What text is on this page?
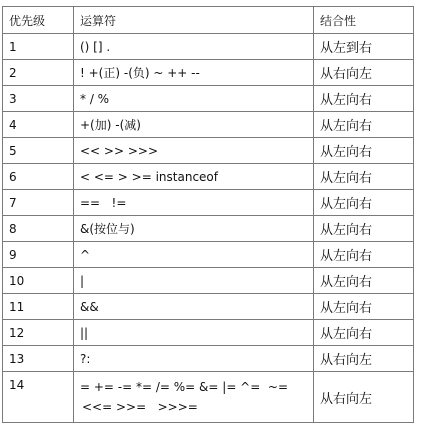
优先级	运算符	结合性
1	() [] .	从左到右
2	! +(正) -(负) ~ ++ --	从右向左
3	* / %	从左向右
4	+(加) -(减)	从左向右
5	<< >> >>>	从左向右
6	< <= > >= instanceof	从左向右
7	==   !=	从左向右
8	&(按位与)	从左向右
9	^	从左向右
10	|	从左向右
11	&&	从左向右
12	||	从左向右
13	?:	从右向左
14	= += -= *= /= %= &= |= ^=  ~=
<<= >>=   >>>=	从右向左
